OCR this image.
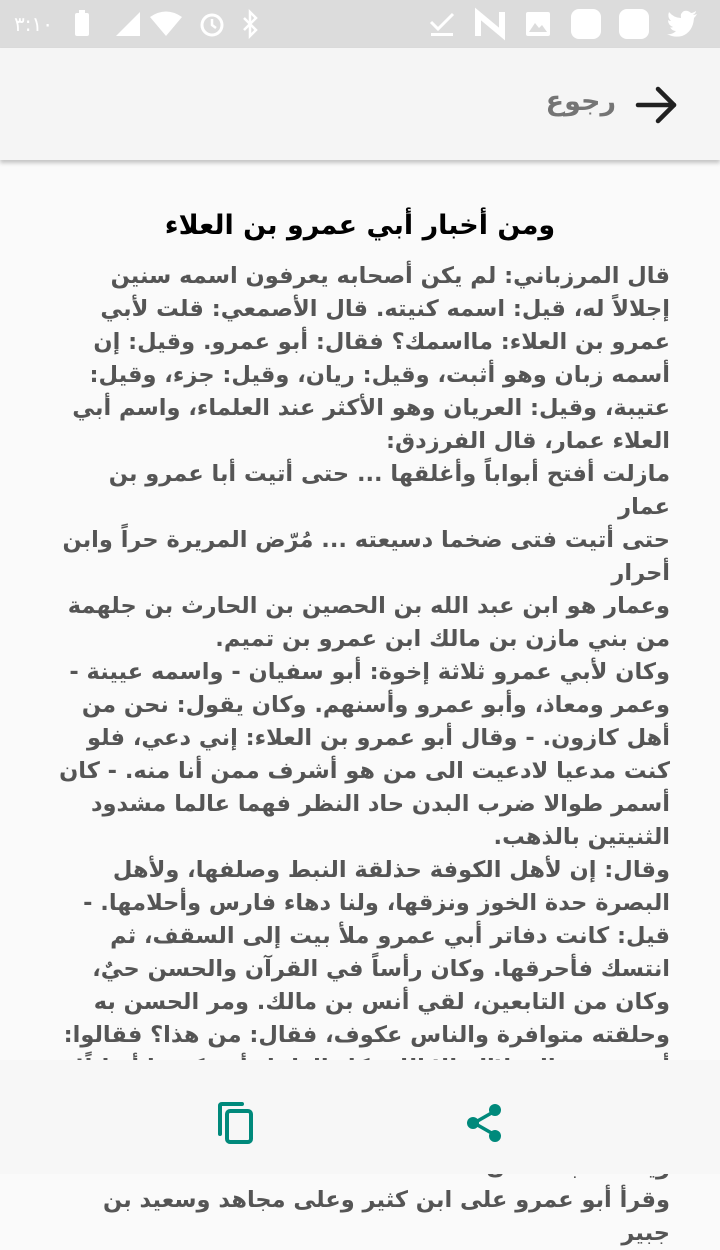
٣:١٠
رجوع
ومن أخبار أبي عمرو بن العلاء

قال المرزباني: لم يكن أصحابه يعرفون اسمه سنين إجلالاً له، قيل: اسمه كنيته. قال الأصمعي: قلت لأبي عمرو بن العلاء: مااسمك؟ فقال: أبو عمرو. وقيل: إن أسمه زبان وهو أثبت، وقيل: ريان، وقيل: جزء، وقيل: عتيبة، وقيل: العريان وهو الأكثر عند العلماء، واسم أبي العلاء عمار، قال الفرزدق:
مازلت أفتح أبواباً وأغلقها ... حتى أتيت أبا عمرو بن عمار
حتى أتيت فتى ضخما دسيعته ... مُرّض المريرة حراً وابن أحرار
وعمار هو ابن عبد الله بن الحصين بن الحارث بن جلهمة من بني مازن بن مالك ابن عمرو بن تميم.
وكان لأبي عمرو ثلاثة إخوة: أبو سفيان - واسمه عيينة - وعمر ومعاذ، وأبو عمرو وأسنهم. وكان يقول: نحن من أهل كازون. - وقال أبو عمرو بن العلاء: إني دعي، فلو كنت مدعيا لادعيت الى من هو أشرف ممن أنا منه. - كان أسمر طوالا ضرب البدن حاد النظر فهما عالما مشدود الثنيتين بالذهب.
وقال: إن لأهل الكوفة حذلقة النبط وصلفها، ولأهل البصرة حدة الخوز ونزقها، ولنا دهاء فارس وأحلامها. - قيل: كانت دفاتر أبي عمرو ملأ بيت إلى السقف، ثم انتسك فأحرقها. وكان رأساً في القرآن والحسن حيٌ، وكان من التابعين، لقي أنس بن مالك. ومر الحسن به وحلقته متوافرة والناس عكوف، فقال: من هذا؟ فقالوا:
وقرأ أبو عمرو على ابن كثير وعلى مجاهد وسعيد بن جبير
